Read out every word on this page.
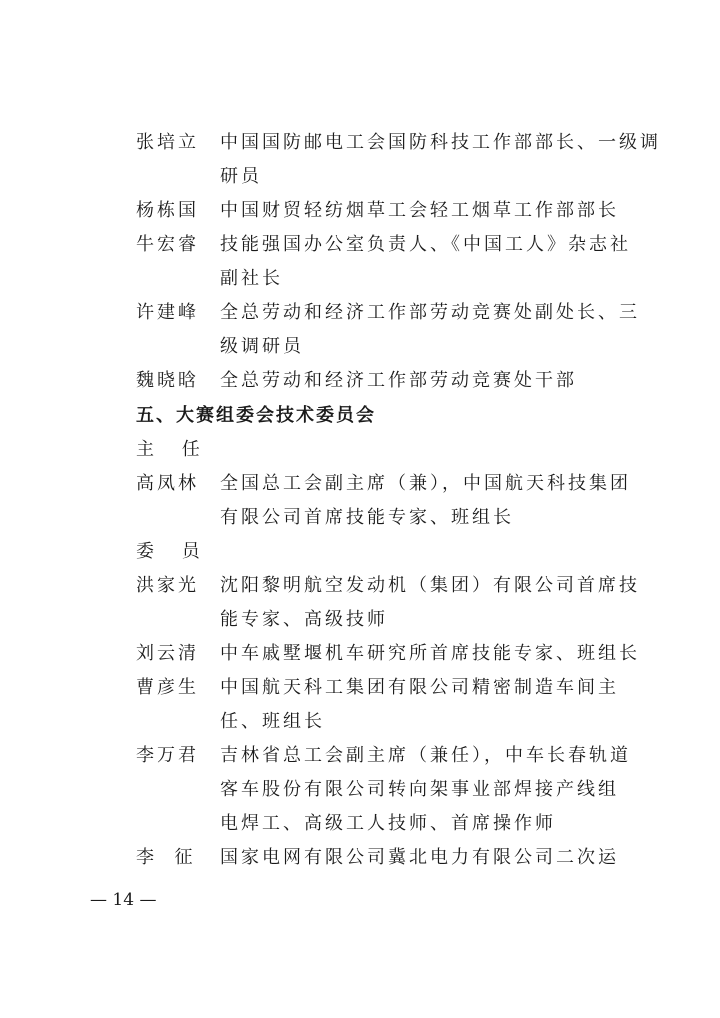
张培立 中国国防邮电工会国防科技工作部部长、一级调
研员
杨栋国 中国财贸轻纺烟草工会轻工烟草工作部部长
牛宏睿 技能强国办公室负责人、《中国工人》杂志社
副社长
许建峰 全总劳动和经济工作部劳动竞赛处副处长、三
级调研员
魏晓晗 全总劳动和经济工作部劳动竞赛处干部
五、大赛组委会技术委员会
主 任
高凤林 全国总工会副主席（兼），中国航天科技集团
有限公司首席技能专家、班组长
委 员
洪家光 沈阳黎明航空发动机（集团）有限公司首席技
能专家、高级技师
刘云清 中车戚墅堰机车研究所首席技能专家、班组长
曹彦生 中国航天科工集团有限公司精密制造车间主
任、班组长
李万君 吉林省总工会副主席（兼任），中车长春轨道
客车股份有限公司转向架事业部焊接产线组
电焊工、高级工人技师、首席操作师
李  征 国家电网有限公司冀北电力有限公司二次运
— 14 —
